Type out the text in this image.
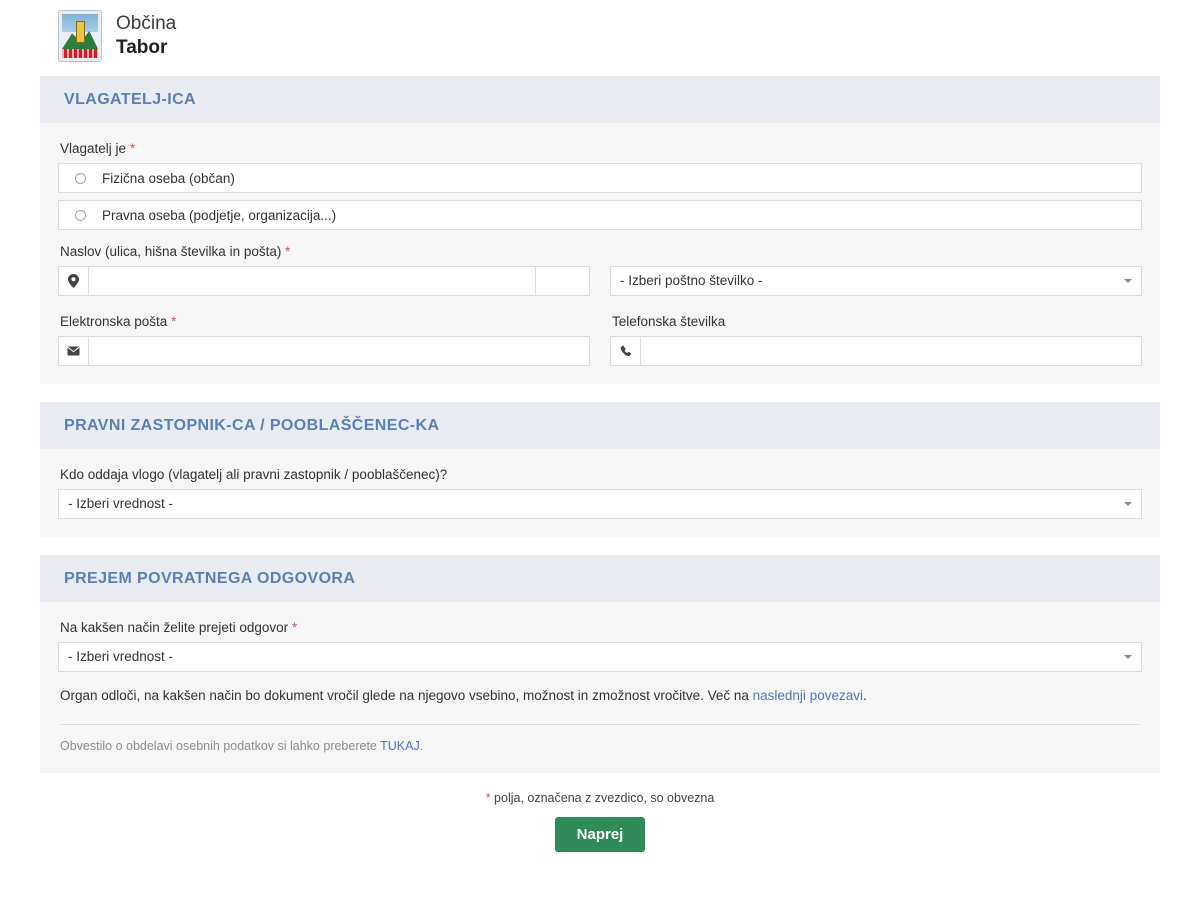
Občina
Tabor
VLAGATELJ-ICA
Vlagatelj je *
Fizična oseba (občan)
Pravna oseba (podjetje, organizacija...)
Naslov (ulica, hišna številka in pošta) *
- Izberi poštno številko -
Elektronska pošta *	Telefonska številka
PRAVNI ZASTOPNIK-CA / POOBLAŠČENEC-KA
Kdo oddaja vlogo (vlagatelj ali pravni zastopnik / pooblaščenec)?
- Izberi vrednost -
PREJEM POVRATNEGA ODGOVORA
Na kakšen način želite prejeti odgovor *
- Izberi vrednost -
Organ odloči, na kakšen način bo dokument vročil glede na njegovo vsebino, možnost in zmožnost vročitve. Več na naslednji povezavi.
Obvestilo o obdelavi osebnih podatkov si lahko preberete TUKAJ.
* polja, označena z zvezdico, so obvezna
Naprej
